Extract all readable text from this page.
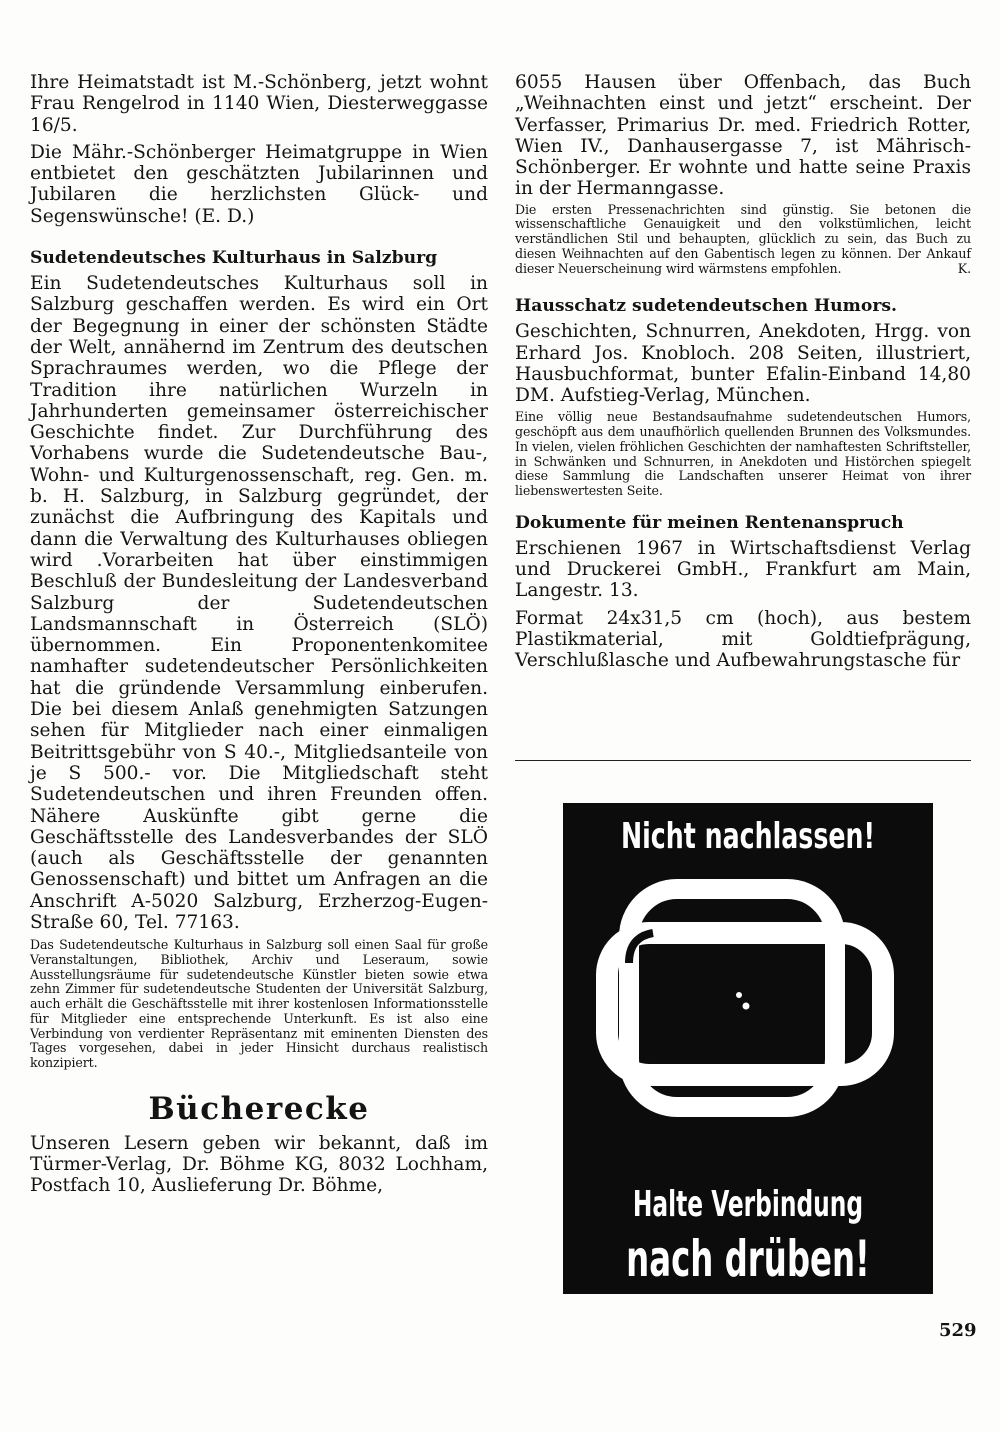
Ihre Heimatstadt ist M.-Schönberg, jetzt wohnt Frau Rengelrod in 1140 Wien, Diesterweggasse 16/5.

Die Mähr.-Schönberger Heimatgruppe in Wien entbietet den geschätzten Jubilarinnen und Jubilaren die herzlichsten Glück- und Segenswünsche! (E. D.)

Sudetendeutsches Kulturhaus in Salzburg

Ein Sudetendeutsches Kulturhaus soll in Salzburg geschaffen werden. Es wird ein Ort der Begegnung in einer der schönsten Städte der Welt, annähernd im Zentrum des deutschen Sprachraumes werden, wo die Pflege der Tradition ihre natürlichen Wurzeln in Jahrhunderten gemeinsamer österreichischer Geschichte findet. Zur Durchführung des Vorhabens wurde die Sudetendeutsche Bau-, Wohn- und Kulturgenossenschaft, reg. Gen. m. b. H. Salzburg, in Salzburg gegründet, der zunächst die Aufbringung des Kapitals und dann die Verwaltung des Kulturhauses obliegen wird .Vorarbeiten hat über einstimmigen Beschluß der Bundesleitung der Landesverband Salzburg der Sudetendeutschen Landsmannschaft in Österreich (SLÖ) übernommen. Ein Proponentenkomitee namhafter sudetendeutscher Persönlichkeiten hat die gründende Versammlung einberufen. Die bei diesem Anlaß genehmigten Satzungen sehen für Mitglieder nach einer einmaligen Beitrittsgebühr von S 40.-, Mitgliedsanteile von je S 500.- vor. Die Mitgliedschaft steht Sudetendeutschen und ihren Freunden offen. Nähere Auskünfte gibt gerne die Geschäftsstelle des Landesverbandes der SLÖ (auch als Geschäftsstelle der genannten Genossenschaft) und bittet um Anfragen an die Anschrift A-5020 Salzburg, Erzherzog-Eugen-Straße 60, Tel. 77163.

Das Sudetendeutsche Kulturhaus in Salzburg soll einen Saal für große Veranstaltungen, Bibliothek, Archiv und Leseraum, sowie Ausstellungsräume für sudetendeutsche Künstler bieten sowie etwa zehn Zimmer für sudetendeutsche Studenten der Universität Salzburg, auch erhält die Geschäftsstelle mit ihrer kostenlosen Informationsstelle für Mitglieder eine entsprechende Unterkunft. Es ist also eine Verbindung von verdienter Repräsentanz mit eminenten Diensten des Tages vorgesehen, dabei in jeder Hinsicht durchaus realistisch konzipiert.

Bücherecke

Unseren Lesern geben wir bekannt, daß im Türmer-Verlag, Dr. Böhme KG, 8032 Lochham, Postfach 10, Auslieferung Dr. Böhme,

6055 Hausen über Offenbach, das Buch „Weihnachten einst und jetzt“ erscheint. Der Verfasser, Primarius Dr. med. Friedrich Rotter, Wien IV., Danhausergasse 7, ist Mährisch-Schönberger. Er wohnte und hatte seine Praxis in der Hermanngasse.

Die ersten Pressenachrichten sind günstig. Sie betonen die wissenschaftliche Genauigkeit und den volkstümlichen, leicht verständlichen Stil und behaupten, glücklich zu sein, das Buch zu diesen Weihnachten auf den Gabentisch legen zu können. Der Ankauf dieser Neuerscheinung wird wärmstens empfohlen.	K.

Hausschatz sudetendeutschen Humors.

Geschichten, Schnurren, Anekdoten, Hrgg. von Erhard Jos. Knobloch. 208 Seiten, illustriert, Hausbuchformat, bunter Efalin-Einband 14,80 DM. Aufstieg-Verlag, München.

Eine völlig neue Bestandsaufnahme sudetendeutschen Humors, geschöpft aus dem unaufhörlich quellenden Brunnen des Volksmundes. In vielen, vielen fröhlichen Geschichten der namhaftesten Schriftsteller, in Schwänken und Schnurren, in Anekdoten und Histörchen spiegelt diese Sammlung die Landschaften unserer Heimat von ihrer liebenswertesten Seite.

Dokumente für meinen Rentenanspruch

Erschienen 1967 in Wirtschaftsdienst Verlag und Druckerei GmbH., Frankfurt am Main, Langestr. 13.

Format 24x31,5 cm (hoch), aus bestem Plastikmaterial, mit Goldtiefprägung, Verschlußlasche und Aufbewahrungstasche für

Nicht nachlassen!
Halte Verbindung
nach drüben!
529
